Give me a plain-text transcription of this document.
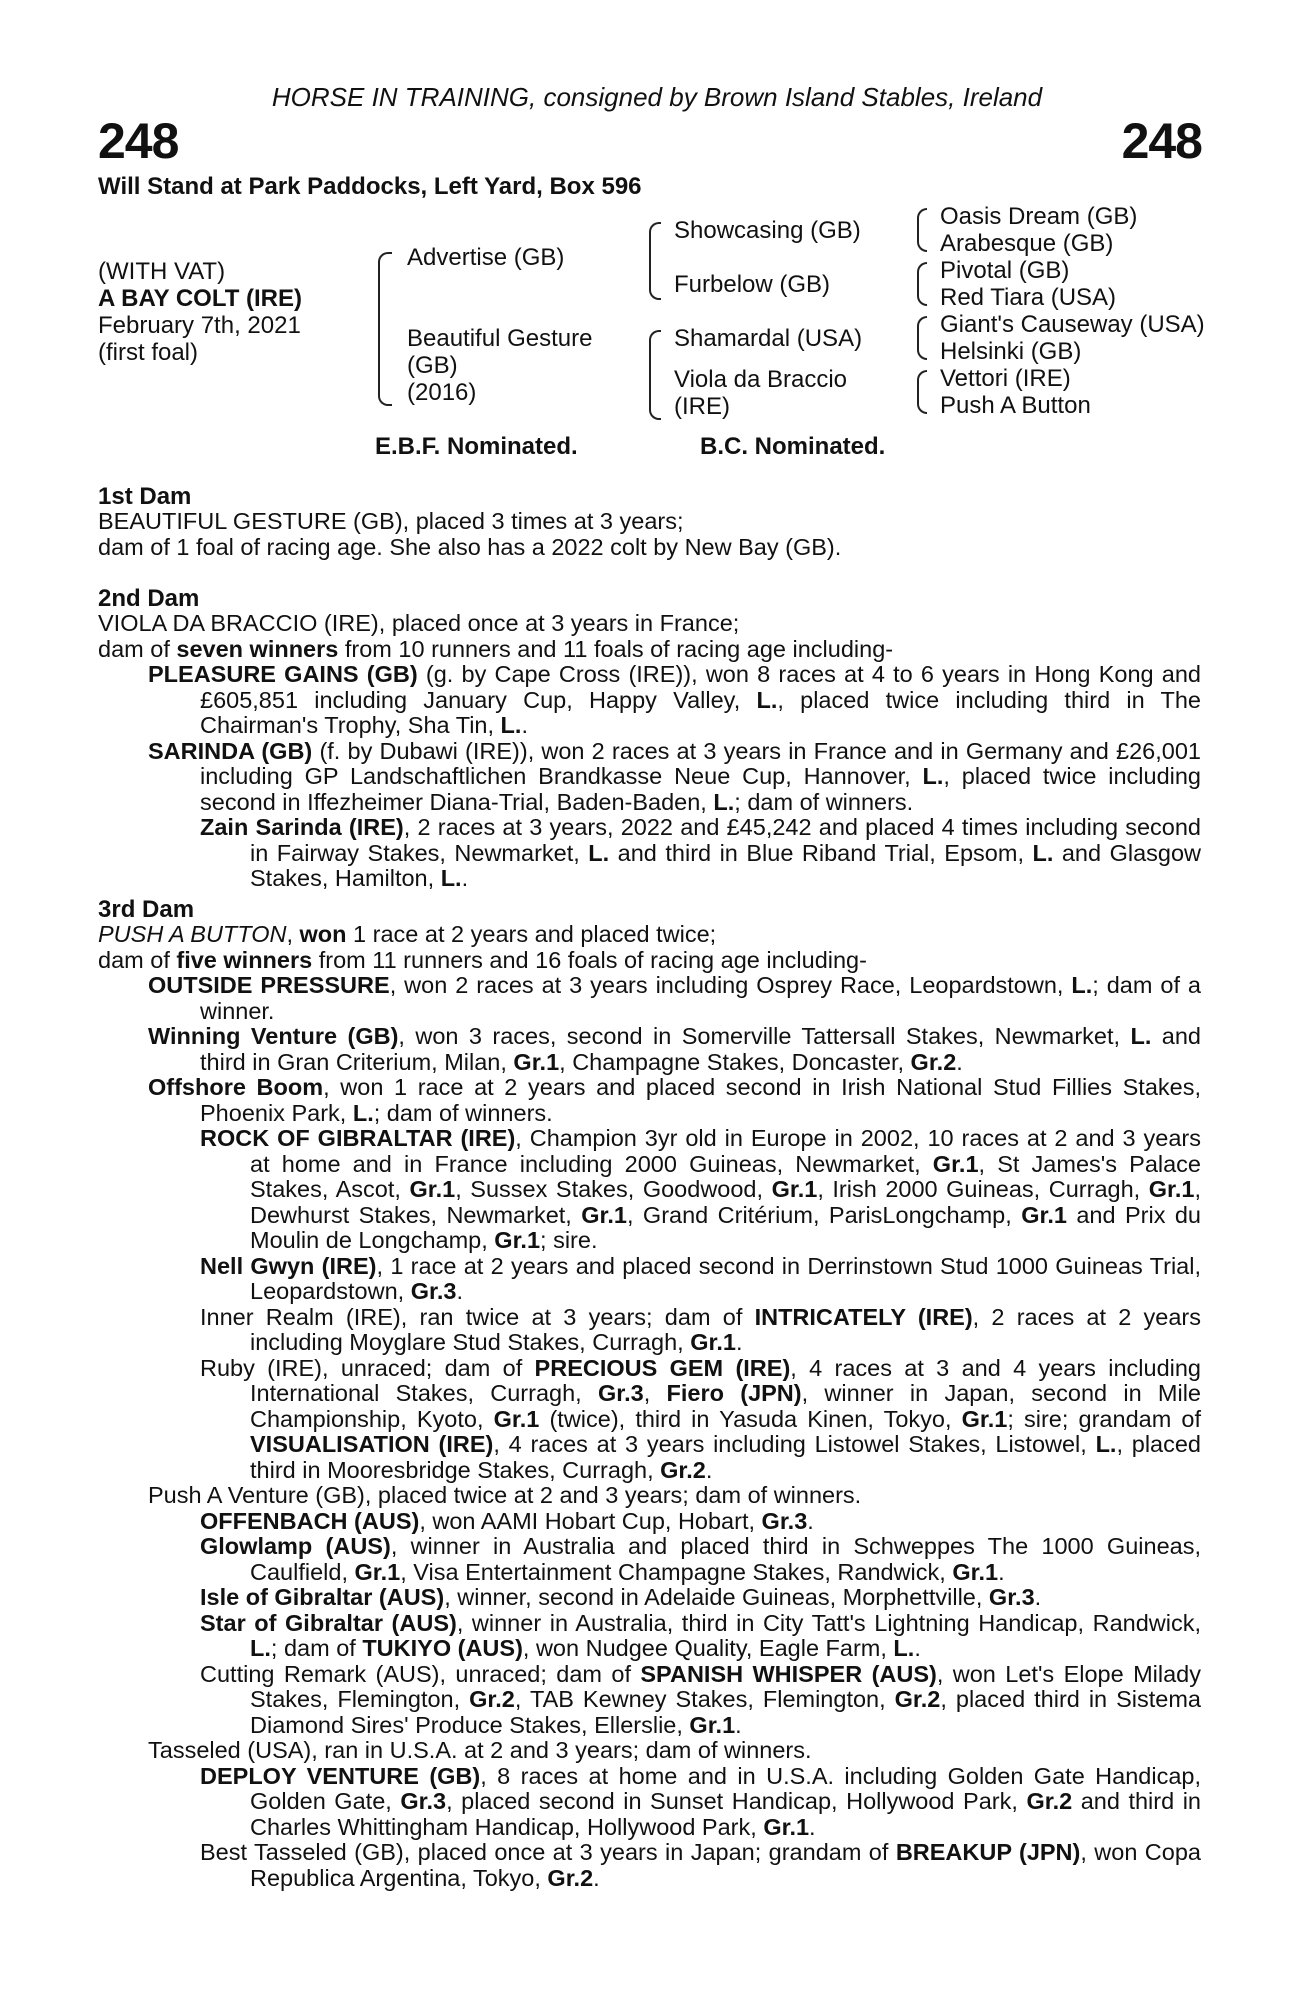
HORSE IN TRAINING, consigned by Brown Island Stables, Ireland
248	248
Will Stand at Park Paddocks, Left Yard, Box 596
(WITH VAT)
A BAY COLT (IRE)
February 7th, 2021
(first foal)
Advertise (GB)
Beautiful Gesture
(GB)
(2016)
Showcasing (GB)
Furbelow (GB)
Shamardal (USA)
Viola da Braccio
(IRE)
Oasis Dream (GB)
Arabesque (GB)
Pivotal (GB)
Red Tiara (USA)
Giant's Causeway (USA)
Helsinki (GB)
Vettori (IRE)
Push A Button
E.B.F. Nominated.	B.C. Nominated.
1st Dam

BEAUTIFUL GESTURE (GB), placed 3 times at 3 years;

dam of 1 foal of racing age. She also has a 2022 colt by New Bay (GB).

2nd Dam

VIOLA DA BRACCIO (IRE), placed once at 3 years in France;

dam of seven winners from 10 runners and 11 foals of racing age including-

PLEASURE GAINS (GB) (g. by Cape Cross (IRE)), won 8 races at 4 to 6 years in Hong Kong and £605,851 including January Cup, Happy Valley, L., placed twice including third in The Chairman's Trophy, Sha Tin, L..

SARINDA (GB) (f. by Dubawi (IRE)), won 2 races at 3 years in France and in Germany and £26,001 including GP Landschaftlichen Brandkasse Neue Cup, Hannover, L., placed twice including second in Iffezheimer Diana-Trial, Baden-Baden, L.; dam of winners.

Zain Sarinda (IRE), 2 races at 3 years, 2022 and £45,242 and placed 4 times including second in Fairway Stakes, Newmarket, L. and third in Blue Riband Trial, Epsom, L. and Glasgow Stakes, Hamilton, L..

3rd Dam

PUSH A BUTTON, won 1 race at 2 years and placed twice;

dam of five winners from 11 runners and 16 foals of racing age including-

OUTSIDE PRESSURE, won 2 races at 3 years including Osprey Race, Leopardstown, L.; dam of a winner.

Winning Venture (GB), won 3 races, second in Somerville Tattersall Stakes, Newmarket, L. and third in Gran Criterium, Milan, Gr.1, Champagne Stakes, Doncaster, Gr.2.

Offshore Boom, won 1 race at 2 years and placed second in Irish National Stud Fillies Stakes, Phoenix Park, L.; dam of winners.

ROCK OF GIBRALTAR (IRE), Champion 3yr old in Europe in 2002, 10 races at 2 and 3 years at home and in France including 2000 Guineas, Newmarket, Gr.1, St James's Palace Stakes, Ascot, Gr.1, Sussex Stakes, Goodwood, Gr.1, Irish 2000 Guineas, Curragh, Gr.1, Dewhurst Stakes, Newmarket, Gr.1, Grand Critérium, ParisLongchamp, Gr.1 and Prix du Moulin de Longchamp, Gr.1; sire.

Nell Gwyn (IRE), 1 race at 2 years and placed second in Derrinstown Stud 1000 Guineas Trial, Leopardstown, Gr.3.

Inner Realm (IRE), ran twice at 3 years; dam of INTRICATELY (IRE), 2 races at 2 years including Moyglare Stud Stakes, Curragh, Gr.1.

Ruby (IRE), unraced; dam of PRECIOUS GEM (IRE), 4 races at 3 and 4 years including International Stakes, Curragh, Gr.3, Fiero (JPN), winner in Japan, second in Mile Championship, Kyoto, Gr.1 (twice), third in Yasuda Kinen, Tokyo, Gr.1; sire; grandam of VISUALISATION (IRE), 4 races at 3 years including Listowel Stakes, Listowel, L., placed third in Mooresbridge Stakes, Curragh, Gr.2.

Push A Venture (GB), placed twice at 2 and 3 years; dam of winners.

OFFENBACH (AUS), won AAMI Hobart Cup, Hobart, Gr.3.

Glowlamp (AUS), winner in Australia and placed third in Schweppes The 1000 Guineas, Caulfield, Gr.1, Visa Entertainment Champagne Stakes, Randwick, Gr.1.

Isle of Gibraltar (AUS), winner, second in Adelaide Guineas, Morphettville, Gr.3.

Star of Gibraltar (AUS), winner in Australia, third in City Tatt's Lightning Handicap, Randwick, L.; dam of TUKIYO (AUS), won Nudgee Quality, Eagle Farm, L..

Cutting Remark (AUS), unraced; dam of SPANISH WHISPER (AUS), won Let's Elope Milady Stakes, Flemington, Gr.2, TAB Kewney Stakes, Flemington, Gr.2, placed third in Sistema Diamond Sires' Produce Stakes, Ellerslie, Gr.1.

Tasseled (USA), ran in U.S.A. at 2 and 3 years; dam of winners.

DEPLOY VENTURE (GB), 8 races at home and in U.S.A. including Golden Gate Handicap, Golden Gate, Gr.3, placed second in Sunset Handicap, Hollywood Park, Gr.2 and third in Charles Whittingham Handicap, Hollywood Park, Gr.1.

Best Tasseled (GB), placed once at 3 years in Japan; grandam of BREAKUP (JPN), won Copa Republica Argentina, Tokyo, Gr.2.
